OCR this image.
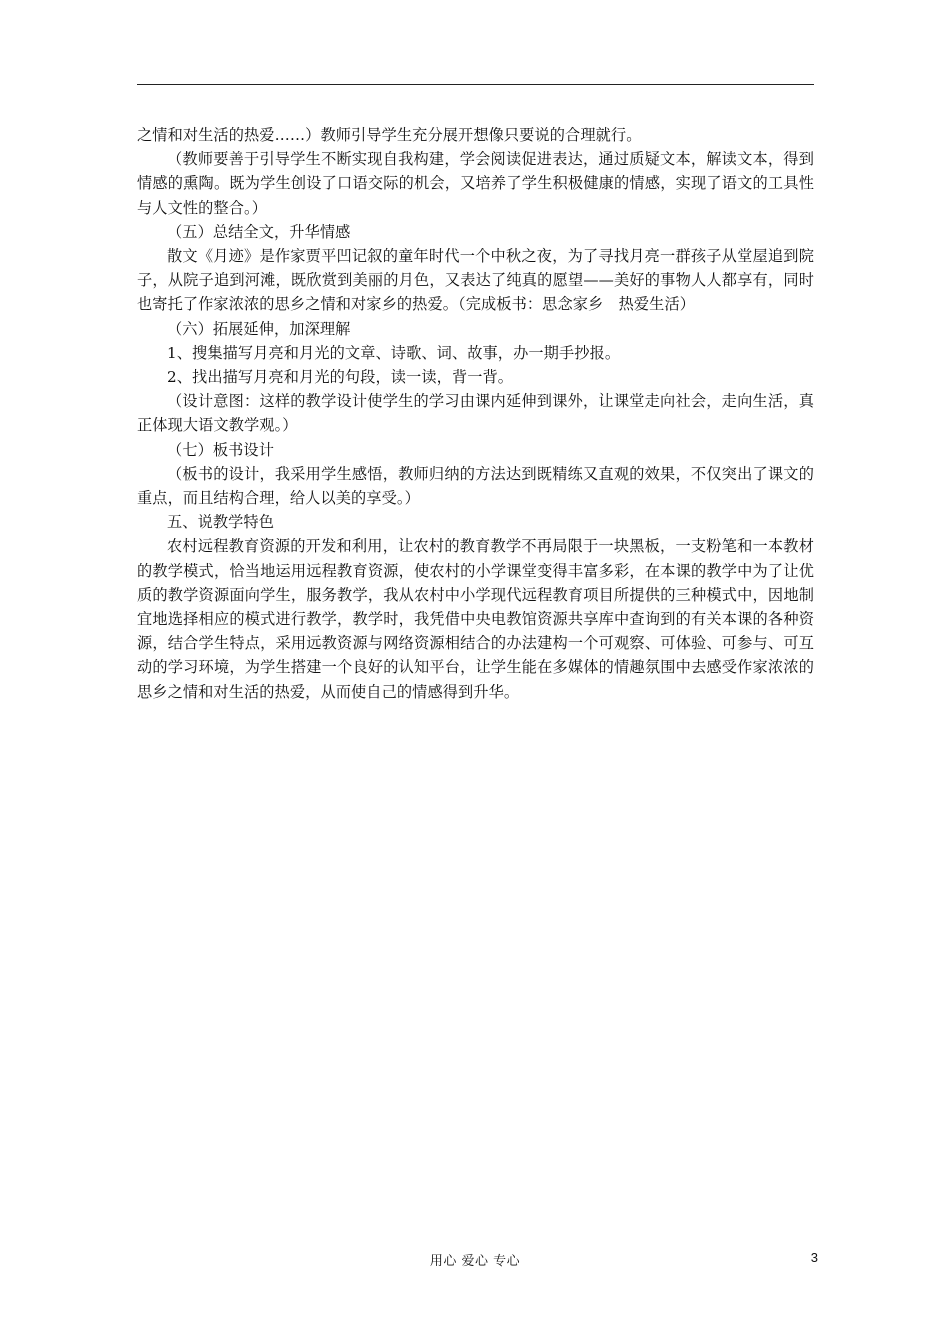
之情和对生活的热爱……）教师引导学生充分展开想像只要说的合理就行。

（教师要善于引导学生不断实现自我构建，学会阅读促进表达，通过质疑文本，解读文本，得到情感的熏陶。既为学生创设了口语交际的机会，又培养了学生积极健康的情感，实现了语文的工具性与人文性的整合。）

（五）总结全文，升华情感

散文《月迹》是作家贾平凹记叙的童年时代一个中秋之夜，为了寻找月亮一群孩子从堂屋追到院子，从院子追到河滩，既欣赏到美丽的月色，又表达了纯真的愿望——美好的事物人人都享有，同时也寄托了作家浓浓的思乡之情和对家乡的热爱。（完成板书：思念家乡　热爱生活）

（六）拓展延伸，加深理解

1、搜集描写月亮和月光的文章、诗歌、词、故事，办一期手抄报。

2、找出描写月亮和月光的句段，读一读，背一背。

（设计意图：这样的教学设计使学生的学习由课内延伸到课外，让课堂走向社会，走向生活，真正体现大语文教学观。）

（七）板书设计

（板书的设计，我采用学生感悟，教师归纳的方法达到既精练又直观的效果，不仅突出了课文的重点，而且结构合理，给人以美的享受。）

五、说教学特色

农村远程教育资源的开发和利用，让农村的教育教学不再局限于一块黑板，一支粉笔和一本教材的教学模式，恰当地运用远程教育资源，使农村的小学课堂变得丰富多彩，在本课的教学中为了让优质的教学资源面向学生，服务教学，我从农村中小学现代远程教育项目所提供的三种模式中，因地制宜地选择相应的模式进行教学，教学时，我凭借中央电教馆资源共享库中查询到的有关本课的各种资源，结合学生特点，采用远教资源与网络资源相结合的办法建构一个可观察、可体验、可参与、可互动的学习环境，为学生搭建一个良好的认知平台，让学生能在多媒体的情趣氛围中去感受作家浓浓的思乡之情和对生活的热爱，从而使自己的情感得到升华。

用心 爱心 专心	3
